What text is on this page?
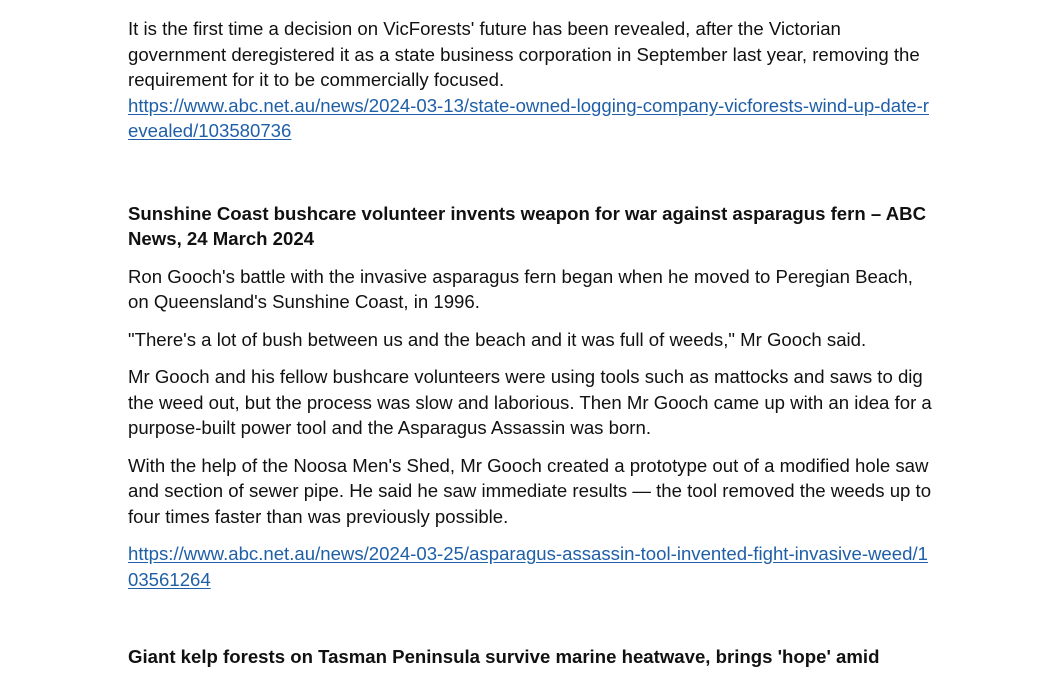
It is the first time a decision on VicForests' future has been revealed, after the Victorian government deregistered it as a state business corporation in September last year, removing the requirement for it to be commercially focused.

https://www.abc.net.au/news/2024-03-13/state-owned-logging-company-vicforests-wind-up-date-revealed/103580736

Sunshine Coast bushcare volunteer invents weapon for war against asparagus fern – ABC News, 24 March 2024

Ron Gooch's battle with the invasive asparagus fern began when he moved to Peregian Beach, on Queensland's Sunshine Coast, in 1996.

"There's a lot of bush between us and the beach and it was full of weeds," Mr Gooch said.

Mr Gooch and his fellow bushcare volunteers were using tools such as mattocks and saws to dig the weed out, but the process was slow and laborious. Then Mr Gooch came up with an idea for a purpose-built power tool and the Asparagus Assassin was born.

With the help of the Noosa Men's Shed, Mr Gooch created a prototype out of a modified hole saw and section of sewer pipe. He said he saw immediate results — the tool removed the weeds up to four times faster than was previously possible.

https://www.abc.net.au/news/2024-03-25/asparagus-assassin-tool-invented-fight-invasive-weed/103561264

Giant kelp forests on Tasman Peninsula survive marine heatwave, brings 'hope' amid
